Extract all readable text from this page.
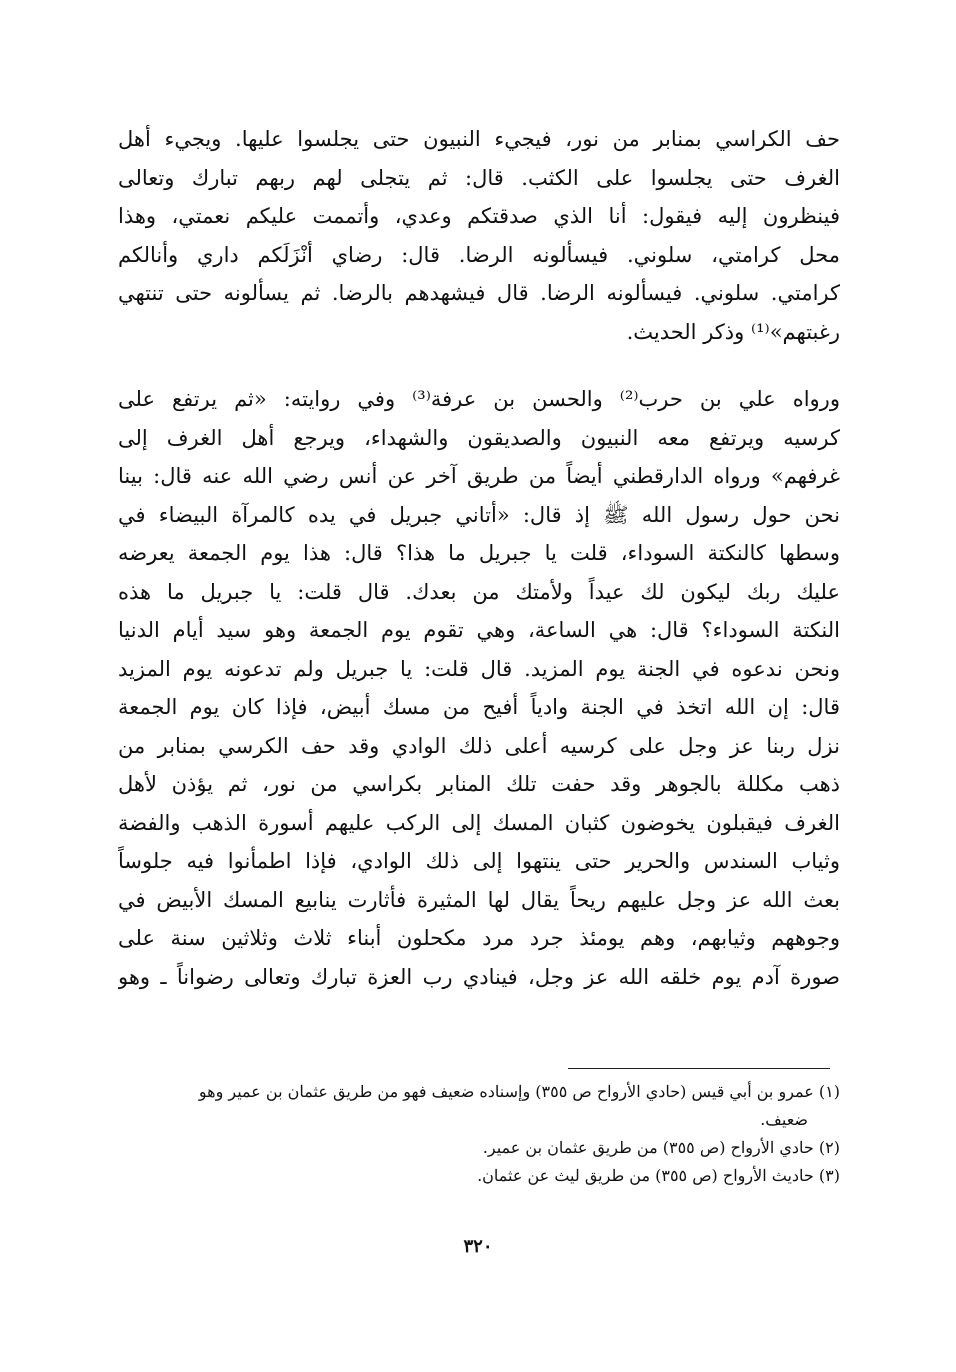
حف الكراسي بمنابر من نور، فيجيء النبيون حتى يجلسوا عليها. ويجيء أهل
الغرف حتى يجلسوا على الكثب. قال: ثم يتجلى لهم ربهم تبارك وتعالى
فينظرون إليه فيقول: أنا الذي صدقتكم وعدي، وأتممت عليكم نعمتي، وهذا
محل كرامتي، سلوني. فيسألونه الرضا. قال: رضاي أنْزَلَكم داري وأنالكم
كرامتي. سلوني. فيسألونه الرضا. قال فيشهدهم بالرضا. ثم يسألونه حتى تنتهي
رغبتهم»⁽¹⁾ وذكر الحديث.
ورواه علي بن حرب⁽²⁾ والحسن بن عرفة⁽³⁾ وفي روايته: «ثم يرتفع على
كرسيه ويرتفع معه النبيون والصديقون والشهداء، ويرجع أهل الغرف إلى
غرفهم» ورواه الدارقطني أيضاً من طريق آخر عن أنس رضي الله عنه قال: بينا
نحن حول رسول الله ﷺ إذ قال: «أتاني جبريل في يده كالمرآة البيضاء في
وسطها كالنكتة السوداء، قلت يا جبريل ما هذا؟ قال: هذا يوم الجمعة يعرضه
عليك ربك ليكون لك عيداً ولأمتك من بعدك. قال قلت: يا جبريل ما هذه
النكتة السوداء؟ قال: هي الساعة، وهي تقوم يوم الجمعة وهو سيد أيام الدنيا
ونحن ندعوه في الجنة يوم المزيد. قال قلت: يا جبريل ولم تدعونه يوم المزيد
قال: إن الله اتخذ في الجنة وادياً أفيح من مسك أبيض، فإذا كان يوم الجمعة
نزل ربنا عز وجل على كرسيه أعلى ذلك الوادي وقد حف الكرسي بمنابر من
ذهب مكللة بالجوهر وقد حفت تلك المنابر بكراسي من نور، ثم يؤذن لأهل
الغرف فيقبلون يخوضون كثبان المسك إلى الركب عليهم أسورة الذهب والفضة
وثياب السندس والحرير حتى ينتهوا إلى ذلك الوادي، فإذا اطمأنوا فيه جلوساً
بعث الله عز وجل عليهم ريحاً يقال لها المثيرة فأثارت ينابيع المسك الأبيض في
وجوههم وثيابهم، وهم يومئذ جرد مرد مكحلون أبناء ثلاث وثلاثين سنة على
صورة آدم يوم خلقه الله عز وجل، فينادي رب العزة تبارك وتعالى رضواناً ـ وهو
(١) عمرو بن أبي قيس (حادي الأرواح ص ٣٥٥) وإسناده ضعيف فهو من طريق عثمان بن عمير وهو
ضعيف.
(٢) حادي الأرواح (ص ٣٥٥) من طريق عثمان بن عمير.
(٣) حاديث الأرواح (ص ٣٥٥) من طريق ليث عن عثمان.
٣٢٠
